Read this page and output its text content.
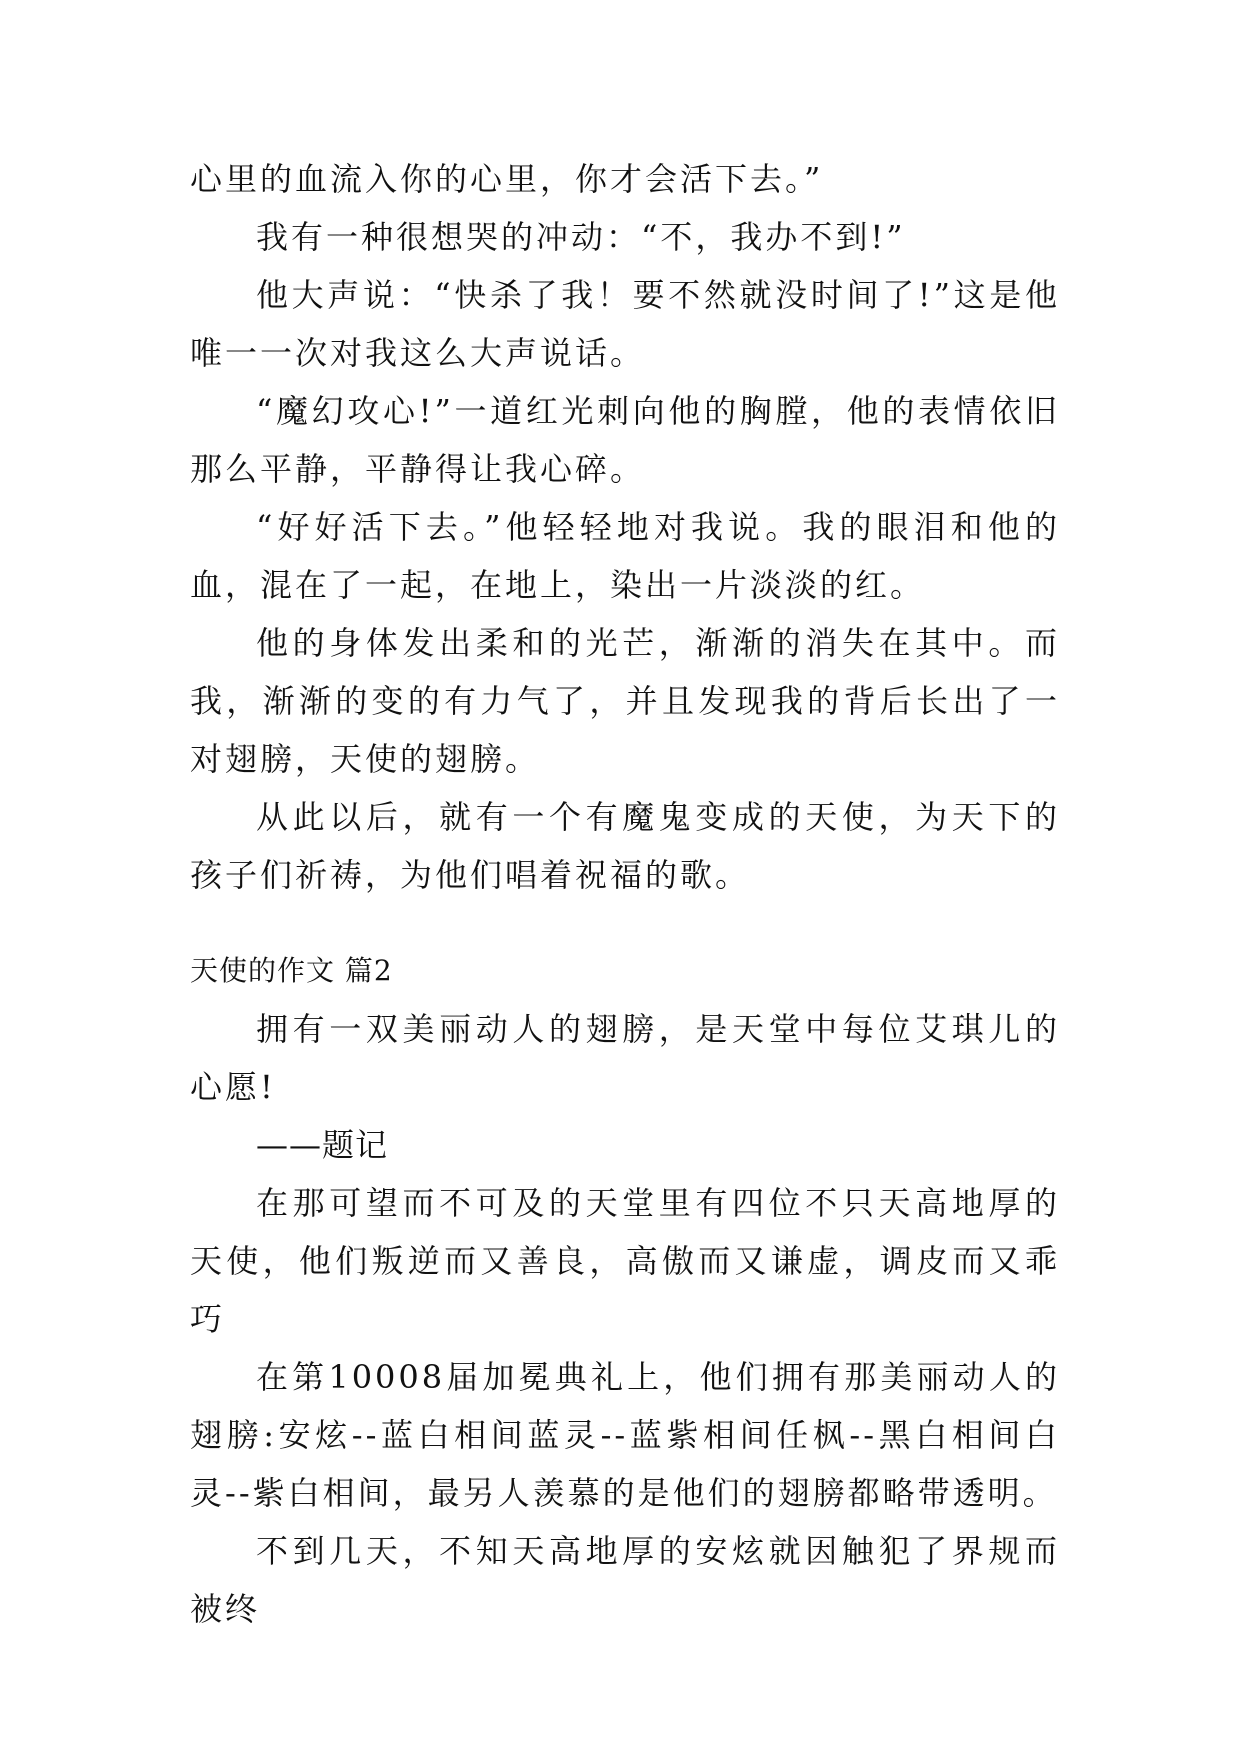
心里的血流入你的心里，你才会活下去。”

我有一种很想哭的冲动：“不，我办不到!”

他大声说：“快杀了我！要不然就没时间了!”这是他唯一一次对我这么大声说话。

“魔幻攻心!”一道红光刺向他的胸膛，他的表情依旧那么平静，平静得让我心碎。

“好好活下去。”他轻轻地对我说。我的眼泪和他的血，混在了一起，在地上，染出一片淡淡的红。

他的身体发出柔和的光芒，渐渐的消失在其中。而我，渐渐的变的有力气了，并且发现我的背后长出了一对翅膀，天使的翅膀。

从此以后，就有一个有魔鬼变成的天使，为天下的孩子们祈祷，为他们唱着祝福的歌。

天使的作文 篇2

拥有一双美丽动人的翅膀，是天堂中每位艾琪儿的心愿!

——题记

在那可望而不可及的天堂里有四位不只天高地厚的天使，他们叛逆而又善良，高傲而又谦虚，调皮而又乖巧

在第10008届加冕典礼上，他们拥有那美丽动人的翅膀:安炫--蓝白相间蓝灵--蓝紫相间任枫--黑白相间白灵--紫白相间，最另人羡慕的是他们的翅膀都略带透明。

不到几天，不知天高地厚的安炫就因触犯了界规而被终
